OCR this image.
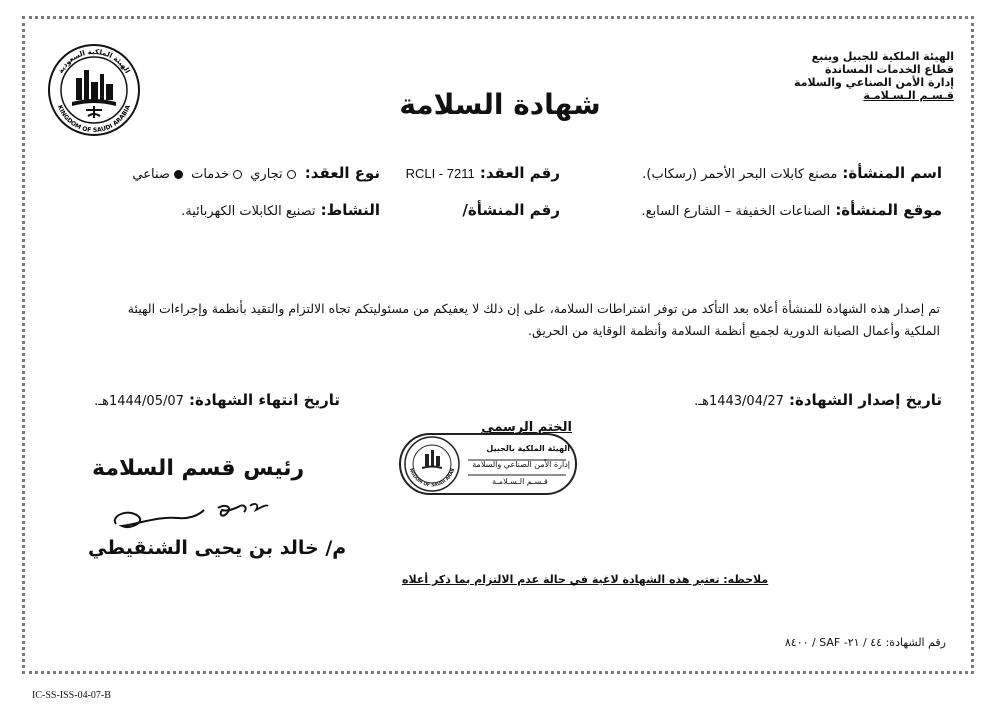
الهيئة الملكية السعودية
KINGDOM OF SAUDI ARABIA
الهيئة الملكية للجبيل وينبع
قطاع الخدمات المساندة
إدارة الأمن الصناعي والسلامة
قـسـم الـسـلامـة
شهادة السلامة
اسم المنشأة: مصنع كابلات البحر الأحمر (رسكاب).
رقم العقد: RCLI - 7211
نوع العقد: تجاري خدمات صناعي
موقع المنشأة: الصناعات الخفيفة – الشارع السابع.
رقم المنشأة/
النشاط: تصنيع الكابلات الكهربائية.
تم إصدار هذه الشهادة للمنشأة أعلاه بعد التأكد من توفر اشتراطات السلامة، على إن ذلك لا يعفيكم من مسئوليتكم تجاه الالتزام والتقيد بأنظمة وإجراءات الهيئة
الملكية وأعمال الصيانة الدورية لجميع أنظمة السلامة وأنظمة الوقاية من الحريق.
تاريخ إصدار الشهادة: 1443/04/27هـ.
تاريخ انتهاء الشهادة: 1444/05/07هـ.
NGDOM OF SAUDI ARAB
الختم الرسمي
الهيئة الملكية بالجبيل
إدارة الأمن الصناعي والسلامة
قـسـم الـسـلامـة
رئيس قسم السلامة
م/ خالد بن يحيى الشنقيطي
ملاحظه: تعتبر هذه الشهادة لاغية في حالة عدم الالتزام بما ذكر أعلاه
رقم الشهادة: ٤٤ / ٢١- SAF / ٨٤٠٠
IC-SS-ISS-04-07-B
